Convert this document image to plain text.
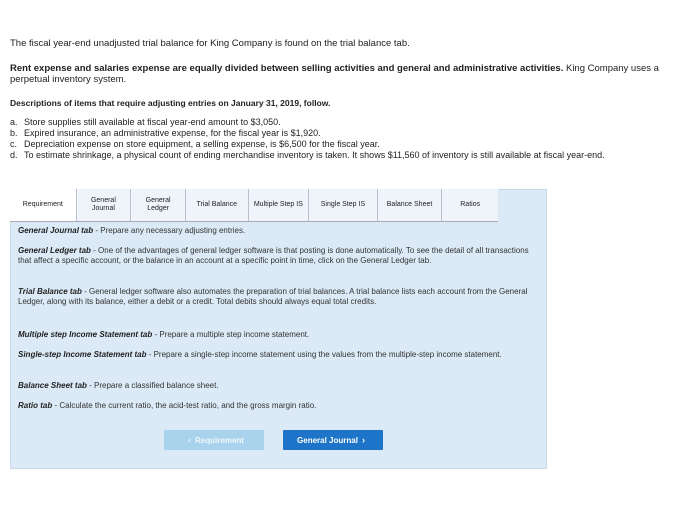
The fiscal year-end unadjusted trial balance for King Company is found on the trial balance tab.
Rent expense and salaries expense are equally divided between selling activities and general and administrative activities. King Company uses a perpetual inventory system.
Descriptions of items that require adjusting entries on January 31, 2019, follow.
a. Store supplies still available at fiscal year-end amount to $3,050.
b. Expired insurance, an administrative expense, for the fiscal year is $1,920.
c. Depreciation expense on store equipment, a selling expense, is $6,500 for the fiscal year.
d. To estimate shrinkage, a physical count of ending merchandise inventory is taken. It shows $11,560 of inventory is still available at fiscal year-end.
Requirement
General Journal
General Ledger
Trial Balance	Multiple Step IS	Single Step IS	Balance Sheet	Ratios

General Journal tab - Prepare any necessary adjusting entries.

General Ledger tab - One of the advantages of general ledger software is that posting is done automatically. To see the detail of all transactions that affect a specific account, or the balance in an account at a specific point in time, click on the General Ledger tab.

Trial Balance tab - General ledger software also automates the preparation of trial balances. A trial balance lists each account from the General Ledger, along with its balance, either a debit or a credit. Total debits should always equal total credits.

Multiple step Income Statement tab - Prepare a multiple step income statement.

Single-step Income Statement tab - Prepare a single-step income statement using the values from the multiple-step income statement.

Balance Sheet tab - Prepare a classified balance sheet.

Ratio tab - Calculate the current ratio, the acid-test ratio, and the gross margin ratio.

‹ Requirement	General Journal ›
